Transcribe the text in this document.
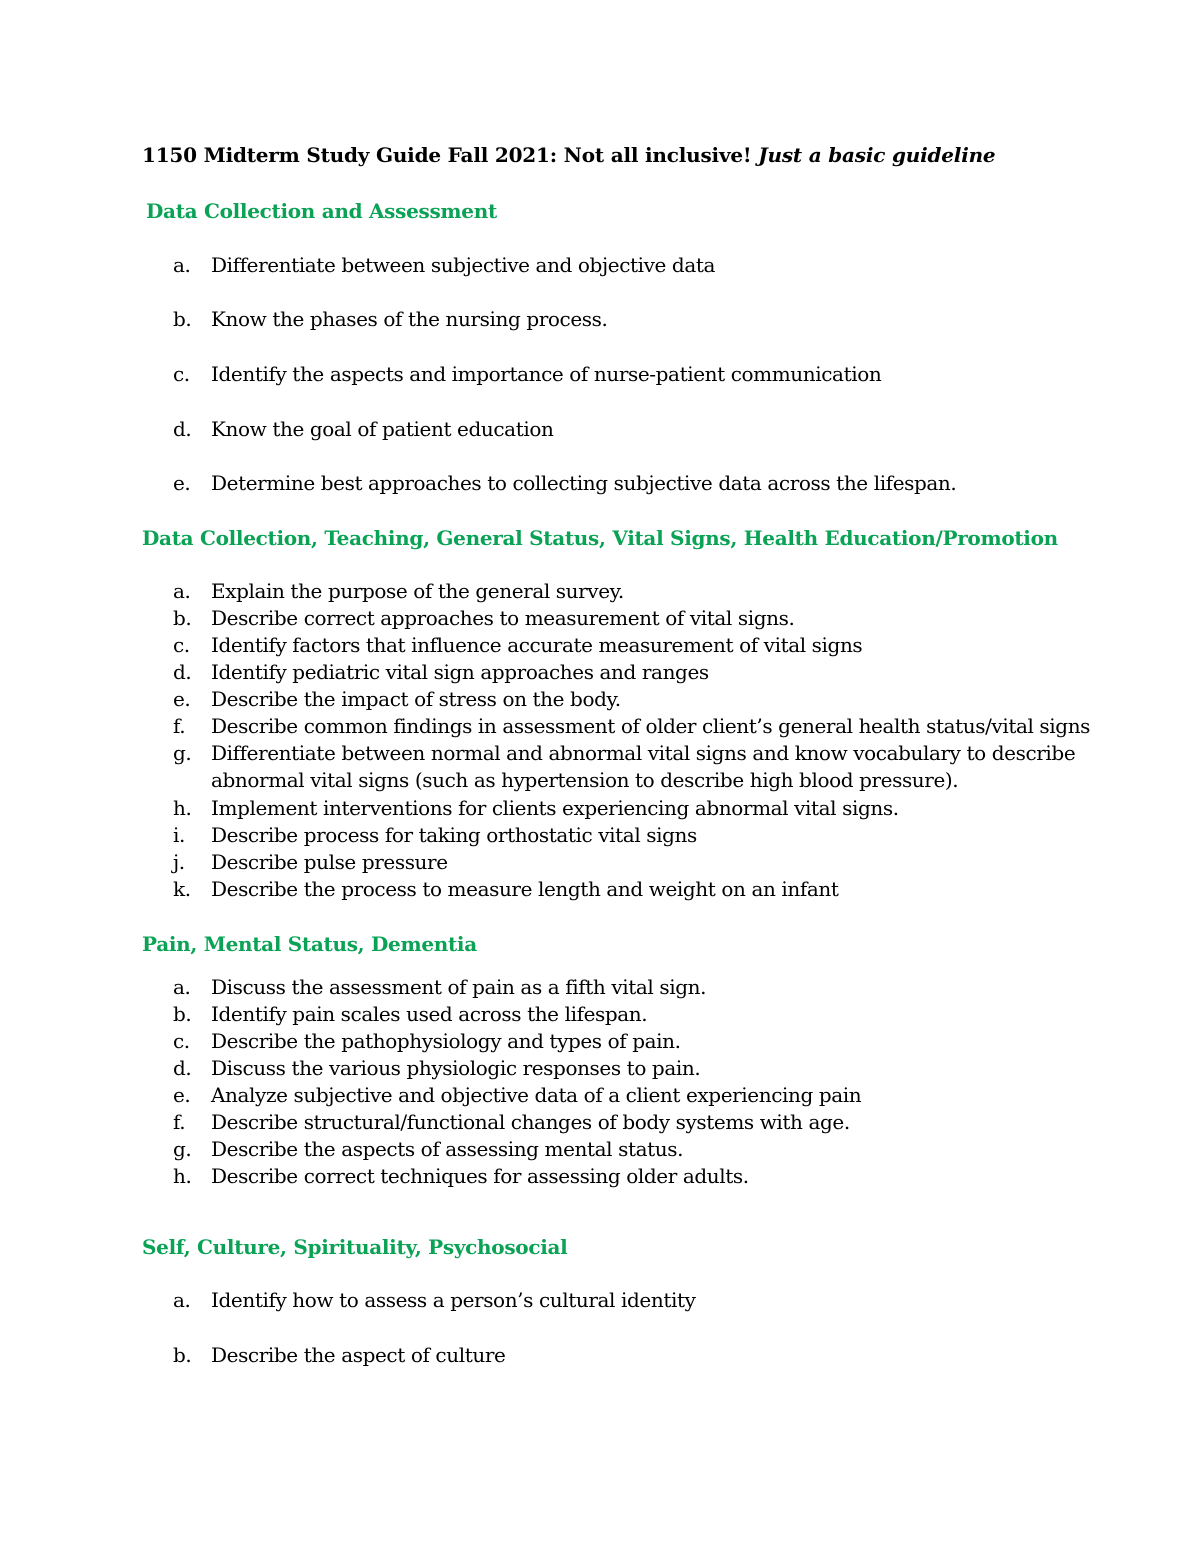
1150 Midterm Study Guide Fall 2021: Not all inclusive! Just a basic guideline
Data Collection and Assessment
a. Differentiate between subjective and objective data
b. Know the phases of the nursing process.
c. Identify the aspects and importance of nurse-patient communication
d. Know the goal of patient education
e. Determine best approaches to collecting subjective data across the lifespan.
Data Collection, Teaching, General Status, Vital Signs, Health Education/Promotion
a. Explain the purpose of the general survey.
b. Describe correct approaches to measurement of vital signs.
c. Identify factors that influence accurate measurement of vital signs
d. Identify pediatric vital sign approaches and ranges
e. Describe the impact of stress on the body.
f. Describe common findings in assessment of older client’s general health status/vital signs
g. Differentiate between normal and abnormal vital signs and know vocabulary to describe
abnormal vital signs (such as hypertension to describe high blood pressure).
h. Implement interventions for clients experiencing abnormal vital signs.
i. Describe process for taking orthostatic vital signs
j. Describe pulse pressure
k. Describe the process to measure length and weight on an infant
Pain, Mental Status, Dementia
a. Discuss the assessment of pain as a fifth vital sign.
b. Identify pain scales used across the lifespan.
c. Describe the pathophysiology and types of pain.
d. Discuss the various physiologic responses to pain.
e. Analyze subjective and objective data of a client experiencing pain
f. Describe structural/functional changes of body systems with age.
g. Describe the aspects of assessing mental status.
h. Describe correct techniques for assessing older adults.
Self, Culture, Spirituality, Psychosocial
a. Identify how to assess a person’s cultural identity
b. Describe the aspect of culture
